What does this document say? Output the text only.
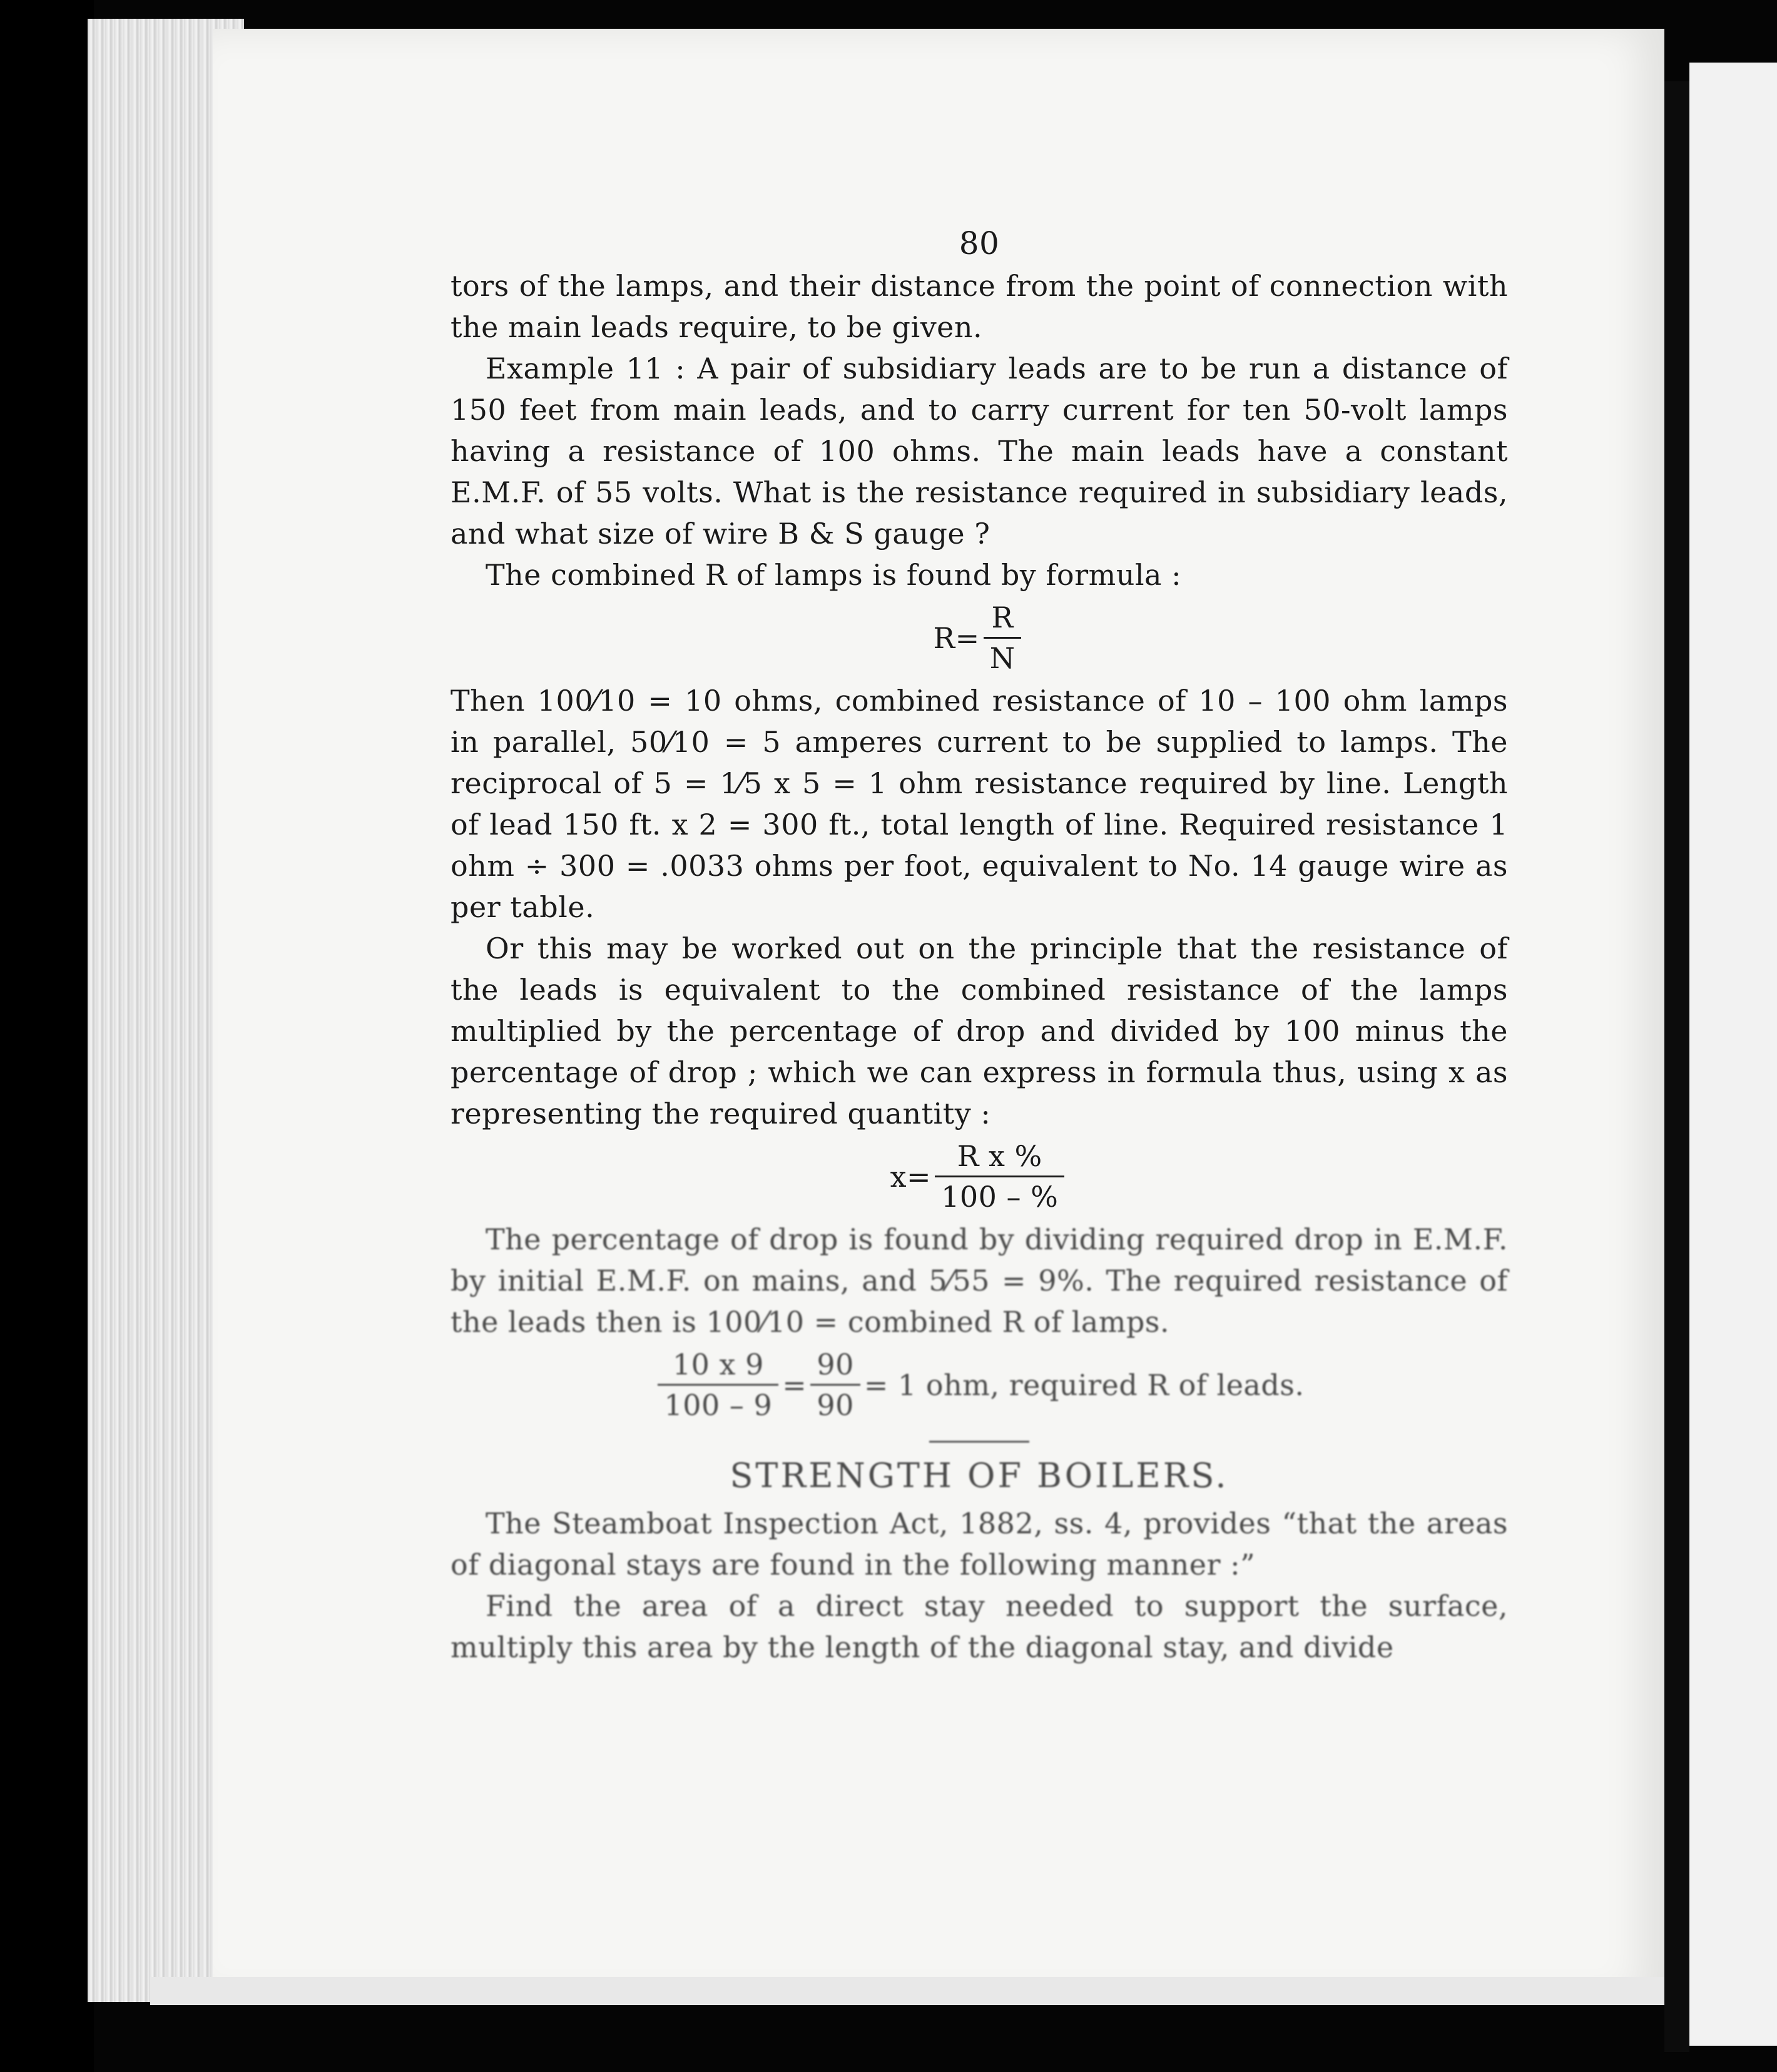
80

tors of the lamps, and their distance from the point of connection with the main leads require, to be given.

Example 11 : A pair of subsidiary leads are to be run a distance of 150 feet from main leads, and to carry current for ten 50-volt lamps having a resistance of 100 ohms. The main leads have a constant E.M.F. of 55 volts. What is the resistance required in subsidiary leads, and what size of wire B & S gauge ?

The combined R of lamps is found by formula :

$R= \frac{R}{N}$

Then 100⁄10 = 10 ohms, combined resistance of 10 – 100 ohm lamps in parallel, 50⁄10 = 5 amperes current to be supplied to lamps. The reciprocal of 5 = 1⁄5 x 5 = 1 ohm resistance required by line. Length of lead 150 ft. x 2 = 300 ft., total length of line. Required resistance 1 ohm ÷ 300 = .0033 ohms per foot, equivalent to No. 14 gauge wire as per table.

Or this may be worked out on the principle that the resistance of the leads is equivalent to the combined resistance of the lamps multiplied by the percentage of drop and divided by 100 minus the percentage of drop ; which we can express in formula thus, using x as representing the required quantity :

$x= \frac{\text{R x \%}}{100 - \%}$

The percentage of drop is found by dividing required drop in E.M.F. by initial E.M.F. on mains, and 5⁄55 = 9%. The required resistance of the leads then is 100⁄10 = combined R of lamps.

$\frac{10 x 9}{100 - 9} = \frac{90}{90} = 1$ ohm, required R of leads.
STRENGTH OF BOILERS.

The Steamboat Inspection Act, 1882, ss. 4, provides “that the areas of diagonal stays are found in the following manner :”

Find the area of a direct stay needed to support the surface, multiply this area by the length of the diagonal stay, and divide
